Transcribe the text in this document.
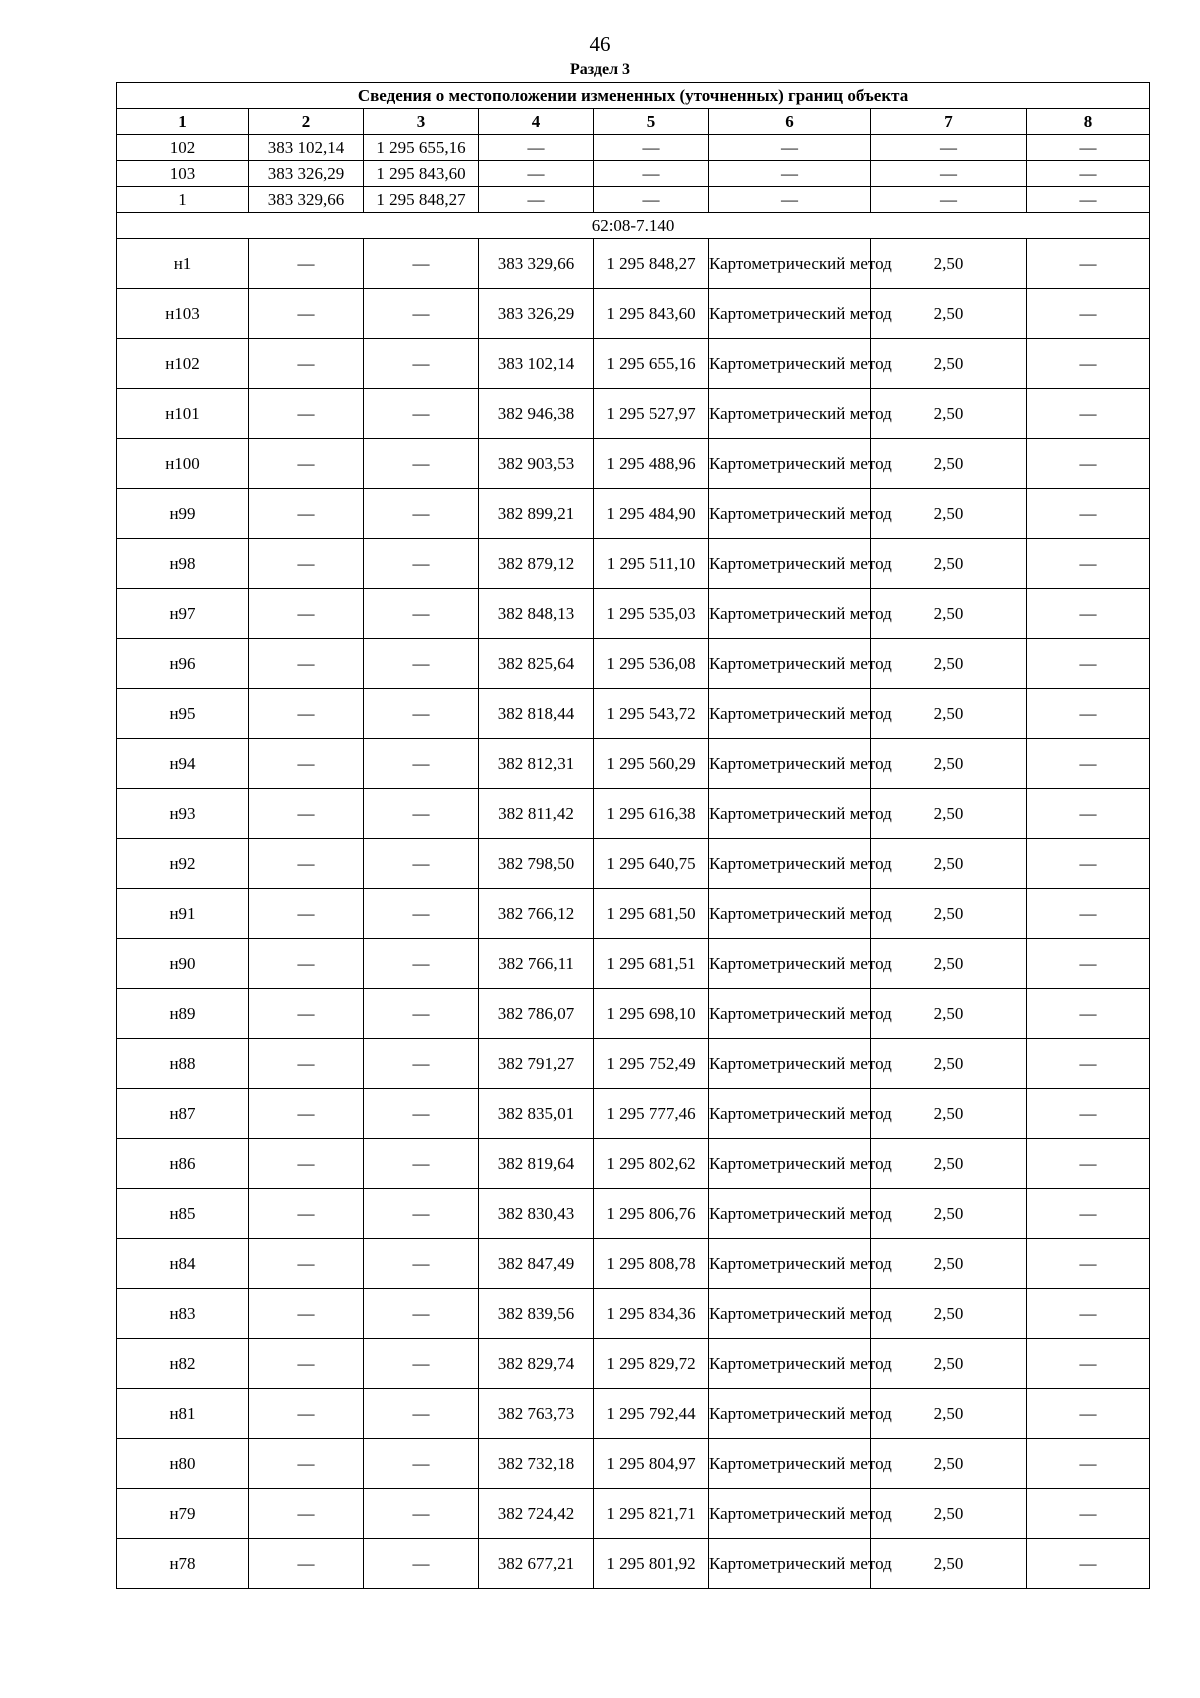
46
Раздел 3
Сведения о местоположении измененных (уточненных) границ объекта							
1	2	3	4	5	6	7	8
102	383 102,14	1 295 655,16	—	—	—	—	—
103	383 326,29	1 295 843,60	—	—	—	—	—
1	383 329,66	1 295 848,27	—	—	—	—	—
62:08-7.140							
н1	—	—	383 329,66	1 295 848,27	Картометрический метод	2,50	—
н103	—	—	383 326,29	1 295 843,60	Картометрический метод	2,50	—
н102	—	—	383 102,14	1 295 655,16	Картометрический метод	2,50	—
н101	—	—	382 946,38	1 295 527,97	Картометрический метод	2,50	—
н100	—	—	382 903,53	1 295 488,96	Картометрический метод	2,50	—
н99	—	—	382 899,21	1 295 484,90	Картометрический метод	2,50	—
н98	—	—	382 879,12	1 295 511,10	Картометрический метод	2,50	—
н97	—	—	382 848,13	1 295 535,03	Картометрический метод	2,50	—
н96	—	—	382 825,64	1 295 536,08	Картометрический метод	2,50	—
н95	—	—	382 818,44	1 295 543,72	Картометрический метод	2,50	—
н94	—	—	382 812,31	1 295 560,29	Картометрический метод	2,50	—
н93	—	—	382 811,42	1 295 616,38	Картометрический метод	2,50	—
н92	—	—	382 798,50	1 295 640,75	Картометрический метод	2,50	—
н91	—	—	382 766,12	1 295 681,50	Картометрический метод	2,50	—
н90	—	—	382 766,11	1 295 681,51	Картометрический метод	2,50	—
н89	—	—	382 786,07	1 295 698,10	Картометрический метод	2,50	—
н88	—	—	382 791,27	1 295 752,49	Картометрический метод	2,50	—
н87	—	—	382 835,01	1 295 777,46	Картометрический метод	2,50	—
н86	—	—	382 819,64	1 295 802,62	Картометрический метод	2,50	—
н85	—	—	382 830,43	1 295 806,76	Картометрический метод	2,50	—
н84	—	—	382 847,49	1 295 808,78	Картометрический метод	2,50	—
н83	—	—	382 839,56	1 295 834,36	Картометрический метод	2,50	—
н82	—	—	382 829,74	1 295 829,72	Картометрический метод	2,50	—
н81	—	—	382 763,73	1 295 792,44	Картометрический метод	2,50	—
н80	—	—	382 732,18	1 295 804,97	Картометрический метод	2,50	—
н79	—	—	382 724,42	1 295 821,71	Картометрический метод	2,50	—
н78	—	—	382 677,21	1 295 801,92	Картометрический метод	2,50	—
